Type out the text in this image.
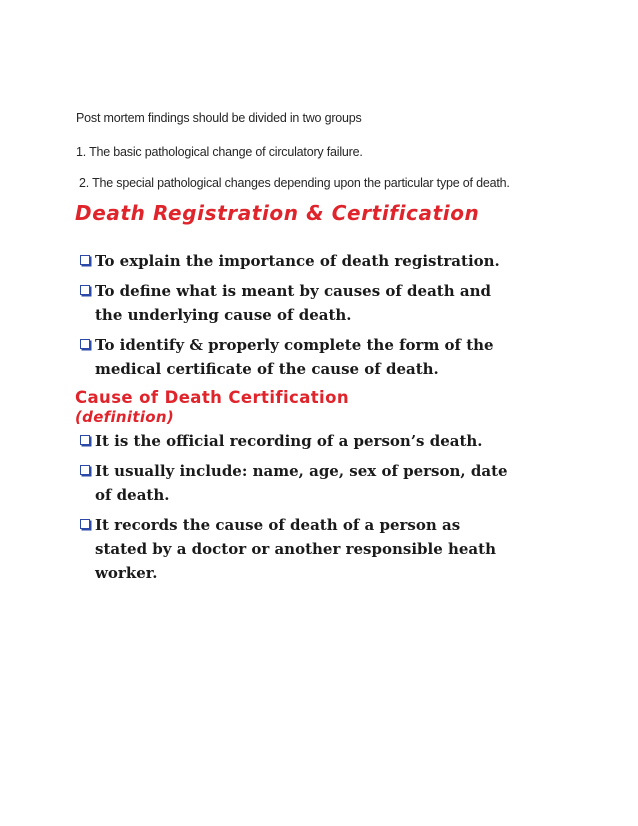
Post mortem findings should be divided in two groups
1. The basic pathological change of circulatory failure.
2. The special pathological changes depending upon the particular type of death.
Death Registration & Certification
To explain the importance of death registration.
To define what is meant by causes of death and
the underlying cause of death.
To identify & properly complete the form of the
medical certificate of the cause of death.
Cause of Death Certification
(definition)
It is the official recording of a person’s death.
It usually include: name, age, sex of person, date
of death.
It records the cause of death of a person as
stated by a doctor or another responsible heath
worker.
